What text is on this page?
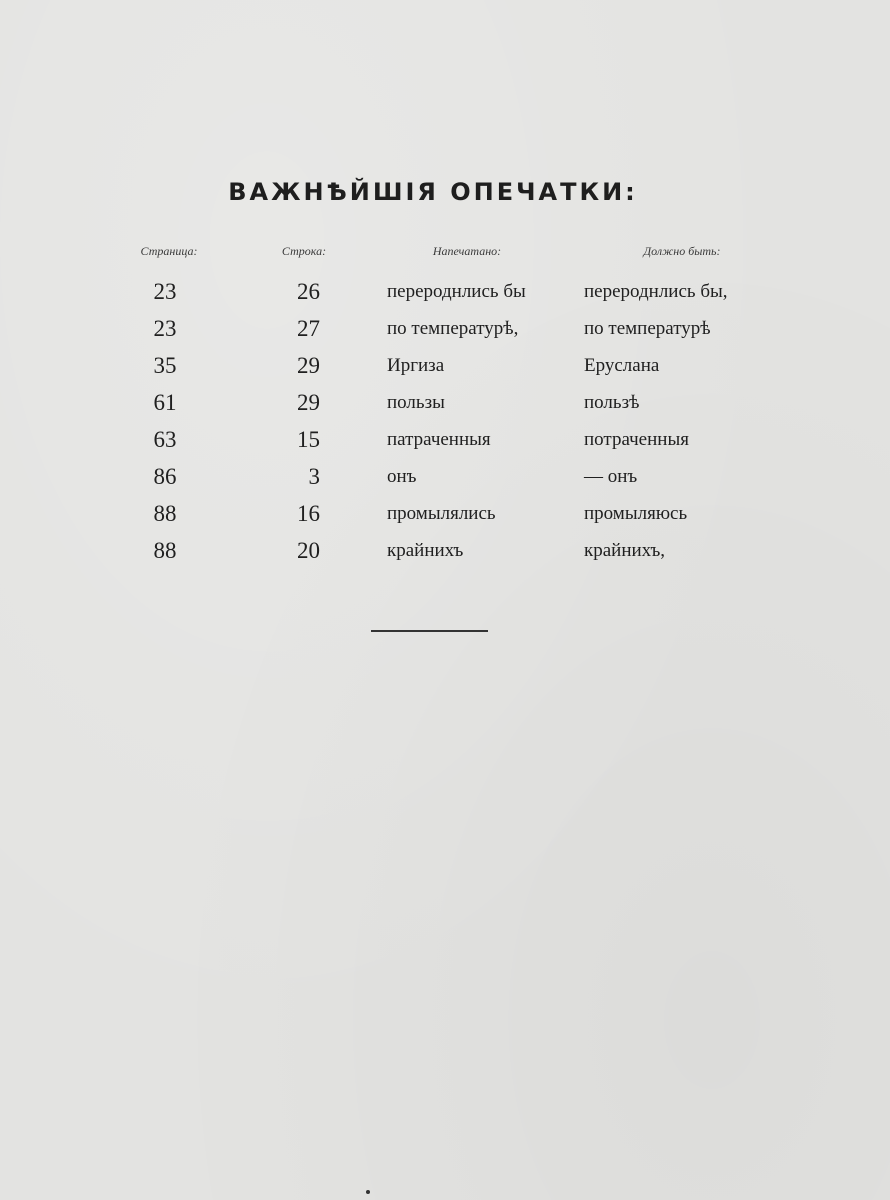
ВАЖНѢЙШІЯ ОПЕЧАТКИ:
Страница:	Строка:	Напечатано:	Должно быть:
23	26	перероднлись бы	перероднлись бы,
23	27	по температурѣ,	по температурѣ
35	29	Иргиза	Еруслана
61	29	пользы	пользѣ
63	15	патраченныя	потраченныя
86	3	онъ	— онъ
88	16	промылялись	промыляюсь
88	20	крайнихъ	крайнихъ,
